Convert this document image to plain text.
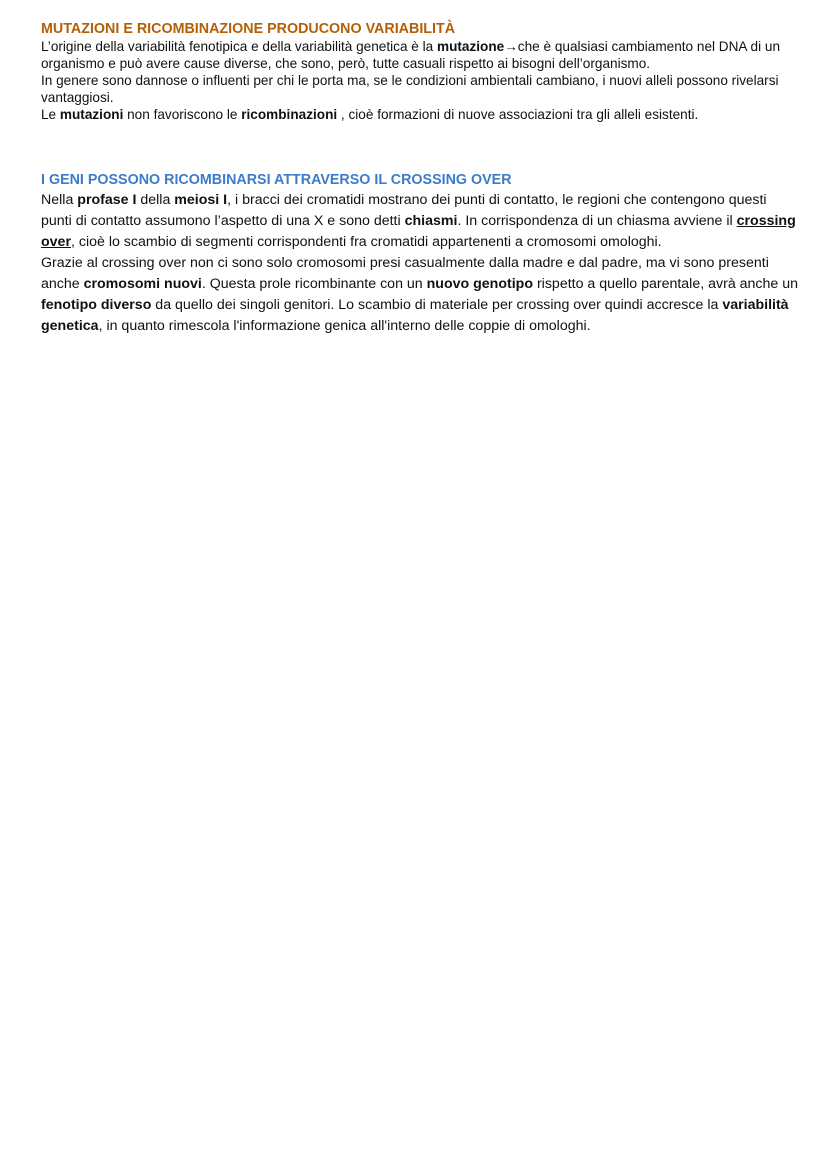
MUTAZIONI E RICOMBINAZIONE PRODUCONO VARIABILITÀ

L’origine della variabilità fenotipica e della variabilità genetica è la mutazione→che è qualsiasi cambiamento nel DNA di un organismo e può avere cause diverse, che sono, però, tutte casuali rispetto ai bisogni dell’organismo.

In genere sono dannose o influenti per chi le porta ma, se le condizioni ambientali cambiano, i nuovi alleli possono rivelarsi vantaggiosi.

Le mutazioni non favoriscono le ricombinazioni , cioè formazioni di nuove associazioni tra gli alleli esistenti.

I GENI POSSONO RICOMBINARSI ATTRAVERSO IL CROSSING OVER

Nella profase I della meiosi I, i bracci dei cromatidi mostrano dei punti di contatto, le regioni che contengono questi punti di contatto assumono l’aspetto di una X e sono detti chiasmi. In corrispondenza di un chiasma avviene il crossing over, cioè lo scambio di segmenti corrispondenti fra cromatidi appartenenti a cromosomi omologhi.

Grazie al crossing over non ci sono solo cromosomi presi casualmente dalla madre e dal padre, ma vi sono presenti anche cromosomi nuovi. Questa prole ricombinante con un nuovo genotipo rispetto a quello parentale, avrà anche un fenotipo diverso da quello dei singoli genitori. Lo scambio di materiale per crossing over quindi accresce la variabilità genetica, in quanto rimescola l'informazione genica all'interno delle coppie di omologhi.
